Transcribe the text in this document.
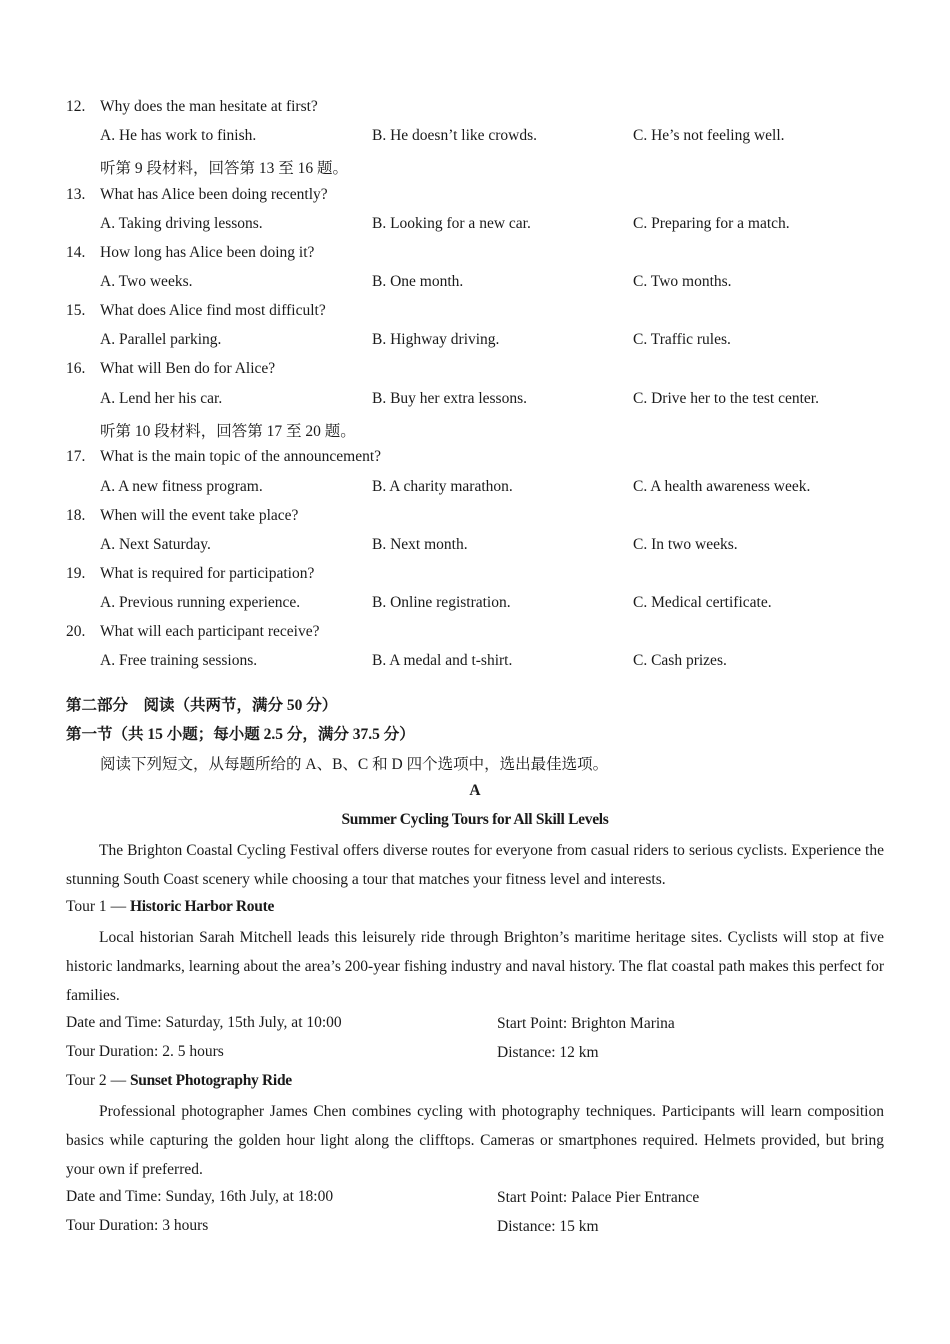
12. Why does the man hesitate at first?
A. He has work to finish.	B. He doesn’t like crowds.	C. He’s not feeling well.
听第 9 段材料，回答第 13 至 16 题。
13. What has Alice been doing recently?
A. Taking driving lessons.	B. Looking for a new car.	C. Preparing for a match.
14. How long has Alice been doing it?
A. Two weeks.	B. One month.	C. Two months.
15. What does Alice find most difficult?
A. Parallel parking.	B. Highway driving.	C. Traffic rules.
16. What will Ben do for Alice?
A. Lend her his car.	B. Buy her extra lessons.	C. Drive her to the test center.
听第 10 段材料，回答第 17 至 20 题。
17. What is the main topic of the announcement?
A. A new fitness program.	B. A charity marathon.	C. A health awareness week.
18. When will the event take place?
A. Next Saturday.	B. Next month.	C. In two weeks.
19. What is required for participation?
A. Previous running experience.	B. Online registration.	C. Medical certificate.
20. What will each participant receive?
A. Free training sessions.	B. A medal and t-shirt.	C. Cash prizes.
第二部分　阅读（共两节，满分 50 分）
第一节（共 15 小题；每小题 2.5 分，满分 37.5 分）
阅读下列短文，从每题所给的 A、B、C 和 D 四个选项中，选出最佳选项。
A
Summer Cycling Tours for All Skill Levels
The Brighton Coastal Cycling Festival offers diverse routes for everyone from casual riders to serious cyclists. Experience the stunning South Coast scenery while choosing a tour that matches your fitness level and interests.
Tour 1 — Historic Harbor Route
Local historian Sarah Mitchell leads this leisurely ride through Brighton’s maritime heritage sites. Cyclists will stop at five historic landmarks, learning about the area’s 200-year fishing industry and naval history. The flat coastal path makes this perfect for families.
Date and Time: Saturday, 15th July, at 10:00	Start Point: Brighton Marina
Tour Duration: 2. 5 hours	Distance: 12 km
Tour 2 — Sunset Photography Ride
Professional photographer James Chen combines cycling with photography techniques. Participants will learn composition basics while capturing the golden hour light along the clifftops. Cameras or smartphones required. Helmets provided, but bring your own if preferred.
Date and Time: Sunday, 16th July, at 18:00	Start Point: Palace Pier Entrance
Tour Duration: 3 hours	Distance: 15 km
